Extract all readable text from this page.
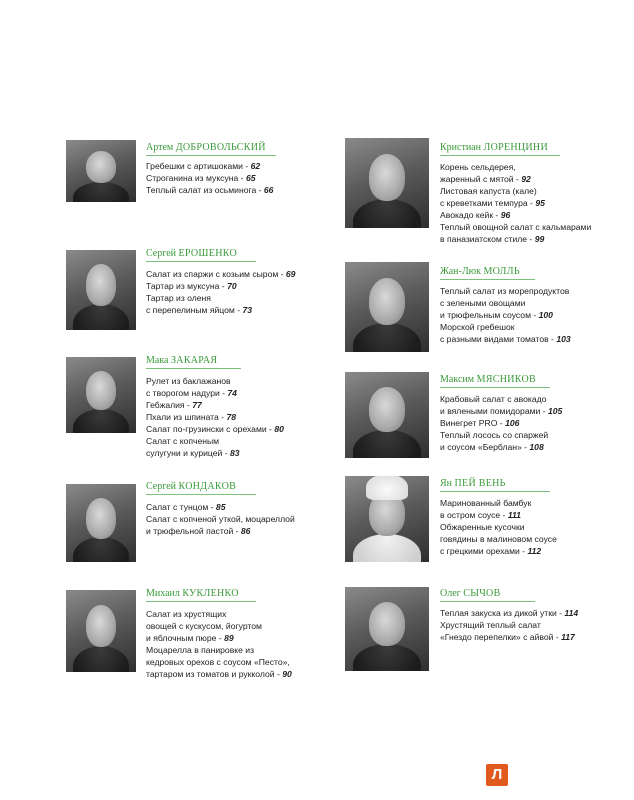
Артем ДОБРОВОЛЬСКИЙ
Гребешки с артишоками - 62
Строганина из муксуна - 65
Теплый салат из осьминога - 66
Сергей ЕРОШЕНКО
Салат из спаржи с козьим сыром - 69
Тартар из муксуна - 70
Тартар из оленя
с перепелиным яйцом - 73
Мака ЗАКАРАЯ
Рулет из баклажанов
с творогом надури - 74
Гебжалия - 77
Пхали из шпината - 78
Салат по-грузински с орехами - 80
Салат с копченым
сулугуни и курицей - 83
Сергей КОНДАКОВ
Салат с тунцом - 85
Салат с копченой уткой, моцареллой
и трюфельной пастой - 86
Михаил КУКЛЕНКО
Салат из хрустящих
овощей с кускусом, йогуртом
и яблочным пюре - 89
Моцарелла в панировке из
кедровых орехов с соусом «Песто»,
тартаром из томатов и рукколой - 90
Кристиан ЛОРЕНЦИНИ
Корень сельдерея,
жаренный с мятой - 92
Листовая капуста (кале)
с креветками темпура - 95
Авокадо кейк - 96
Теплый овощной салат с кальмарами
в паназиатском стиле - 99
Жан-Люк МОЛЛЬ
Теплый салат из морепродуктов
с зелеными овощами
и трюфельным соусом - 100
Морской гребешок
с разными видами томатов - 103
Максим МЯСНИКОВ
Крабовый салат с авокадо
и вялеными помидорами - 105
Винегрет PRO - 106
Теплый лосось со спаржей
и соусом «Берблан» - 108
Ян ПЕЙ ВЕНЬ
Маринованный бамбук
в остром соусе - 111
Обжаренные кусочки
говядины в малиновом соусе
с грецкими орехами - 112
Олег СЫЧОВ
Теплая закуска из дикой утки - 114
Хрустящий теплый салат
«Гнездо перепелки» с айвой - 117
Л
